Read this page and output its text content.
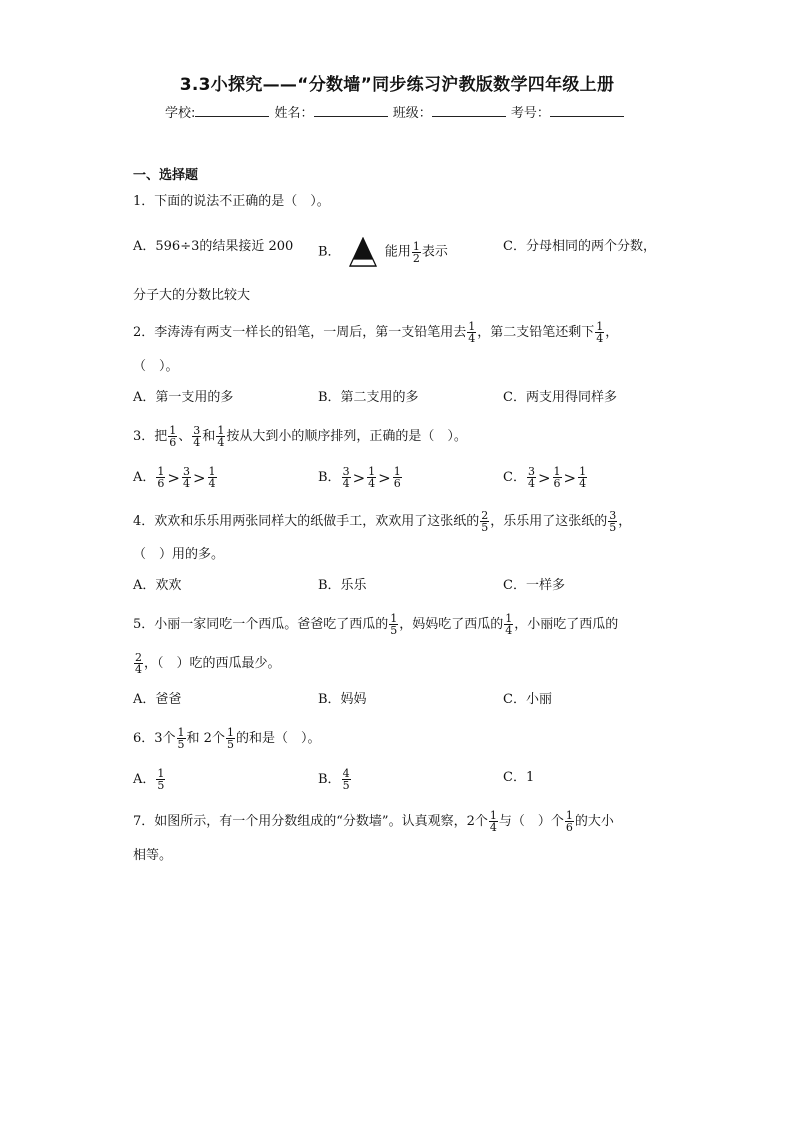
3.3小探究——“分数墙”同步练习沪教版数学四年级上册
学校:	姓名：	班级：	考号：
一、选择题
1．下面的说法不正确的是（　）。
A．596÷3的结果接近 200 B．	能用 $\frac{1}{2}$ 表示	C．分母相同的两个分数，
分子大的分数比较大
2．李涛涛有两支一样长的铅笔，一周后，第一支铅笔用去 $\frac{1}{4}$ ，第二支铅笔还剩下 $\frac{1}{4}$ ，
（　）。
A．第一支用的多	B．第二支用的多	C．两支用得同样多
3．把 $\frac{1}{6}$ 、 $\frac{3}{4}$ 和 $\frac{1}{4}$ 按从大到小的顺序排列，正确的是（　）。
A． $\frac{1}{6} > \frac{3}{4} > \frac{1}{4}$	B． $\frac{3}{4} > \frac{1}{4} > \frac{1}{6}$	C． $\frac{3}{4} > \frac{1}{6} > \frac{1}{4}$
4．欢欢和乐乐用两张同样大的纸做手工，欢欢用了这张纸的 $\frac{2}{5}$ ，乐乐用了这张纸的 $\frac{3}{5}$ ，
（　）用的多。
A．欢欢	B．乐乐	C．一样多
5．小丽一家同吃一个西瓜。爸爸吃了西瓜的 $\frac{1}{5}$ ，妈妈吃了西瓜的 $\frac{1}{4}$ ，小丽吃了西瓜的
$\frac{2}{4}$ ，（　）吃的西瓜最少。
A．爸爸	B．妈妈	C．小丽
6．3个 $\frac{1}{5}$ 和 2个 $\frac{1}{5}$ 的和是（　）。
A． $\frac{1}{5}$	B． $\frac{4}{5}$	C．1
7．如图所示，有一个用分数组成的“分数墙”。认真观察，2个 $\frac{1}{4}$ 与（　）个 $\frac{1}{6}$ 的大小
相等。
